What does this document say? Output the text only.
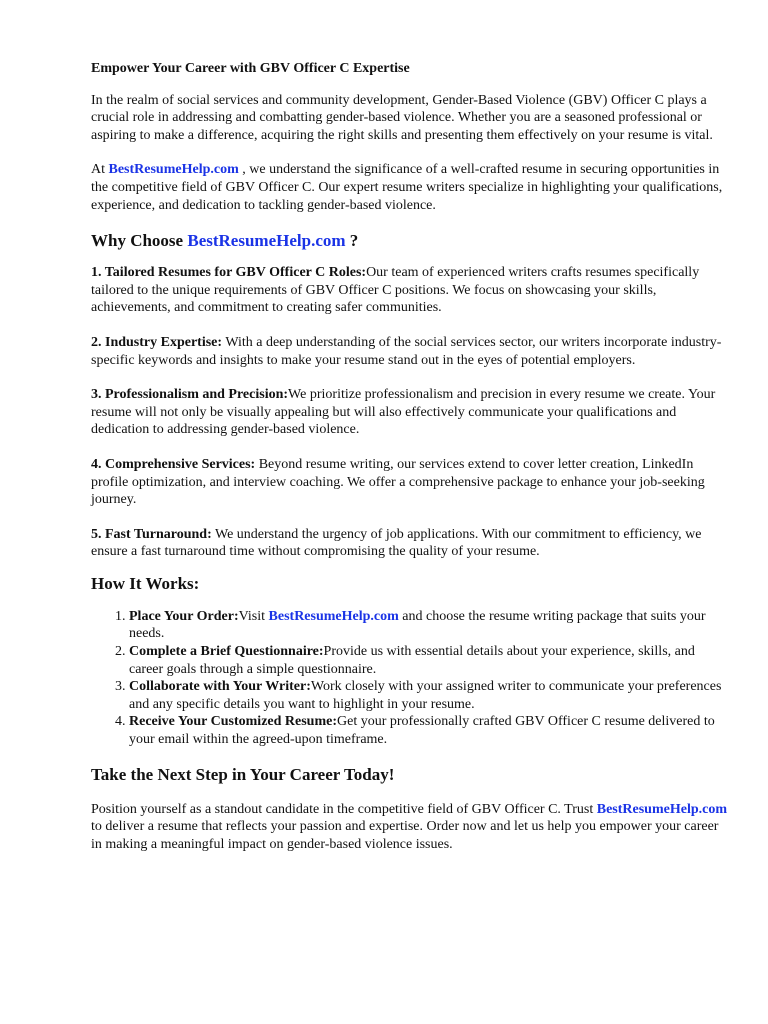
Empower Your Career with GBV Officer C Expertise

In the realm of social services and community development, Gender-Based Violence (GBV) Officer C plays a crucial role in addressing and combatting gender-based violence. Whether you are a seasoned professional or aspiring to make a difference, acquiring the right skills and presenting them effectively on your resume is vital.

At BestResumeHelp.com , we understand the significance of a well-crafted resume in securing opportunities in the competitive field of GBV Officer C. Our expert resume writers specialize in highlighting your qualifications, experience, and dedication to tackling gender-based violence.

Why Choose BestResumeHelp.com ?

1. Tailored Resumes for GBV Officer C Roles:Our team of experienced writers crafts resumes specifically tailored to the unique requirements of GBV Officer C positions. We focus on showcasing your skills, achievements, and commitment to creating safer communities.

2. Industry Expertise: With a deep understanding of the social services sector, our writers incorporate industry-specific keywords and insights to make your resume stand out in the eyes of potential employers.

3. Professionalism and Precision:We prioritize professionalism and precision in every resume we create. Your resume will not only be visually appealing but will also effectively communicate your qualifications and dedication to addressing gender-based violence.

4. Comprehensive Services: Beyond resume writing, our services extend to cover letter creation, LinkedIn profile optimization, and interview coaching. We offer a comprehensive package to enhance your job-seeking journey.

5. Fast Turnaround: We understand the urgency of job applications. With our commitment to efficiency, we ensure a fast turnaround time without compromising the quality of your resume.

How It Works:

1. Place Your Order:Visit BestResumeHelp.com and choose the resume writing package that suits your needs.
2. Complete a Brief Questionnaire:Provide us with essential details about your experience, skills, and career goals through a simple questionnaire.
3. Collaborate with Your Writer:Work closely with your assigned writer to communicate your preferences and any specific details you want to highlight in your resume.
4. Receive Your Customized Resume:Get your professionally crafted GBV Officer C resume delivered to your email within the agreed-upon timeframe.

Take the Next Step in Your Career Today!

Position yourself as a standout candidate in the competitive field of GBV Officer C. Trust BestResumeHelp.com to deliver a resume that reflects your passion and expertise. Order now and let us help you empower your career in making a meaningful impact on gender-based violence issues.
